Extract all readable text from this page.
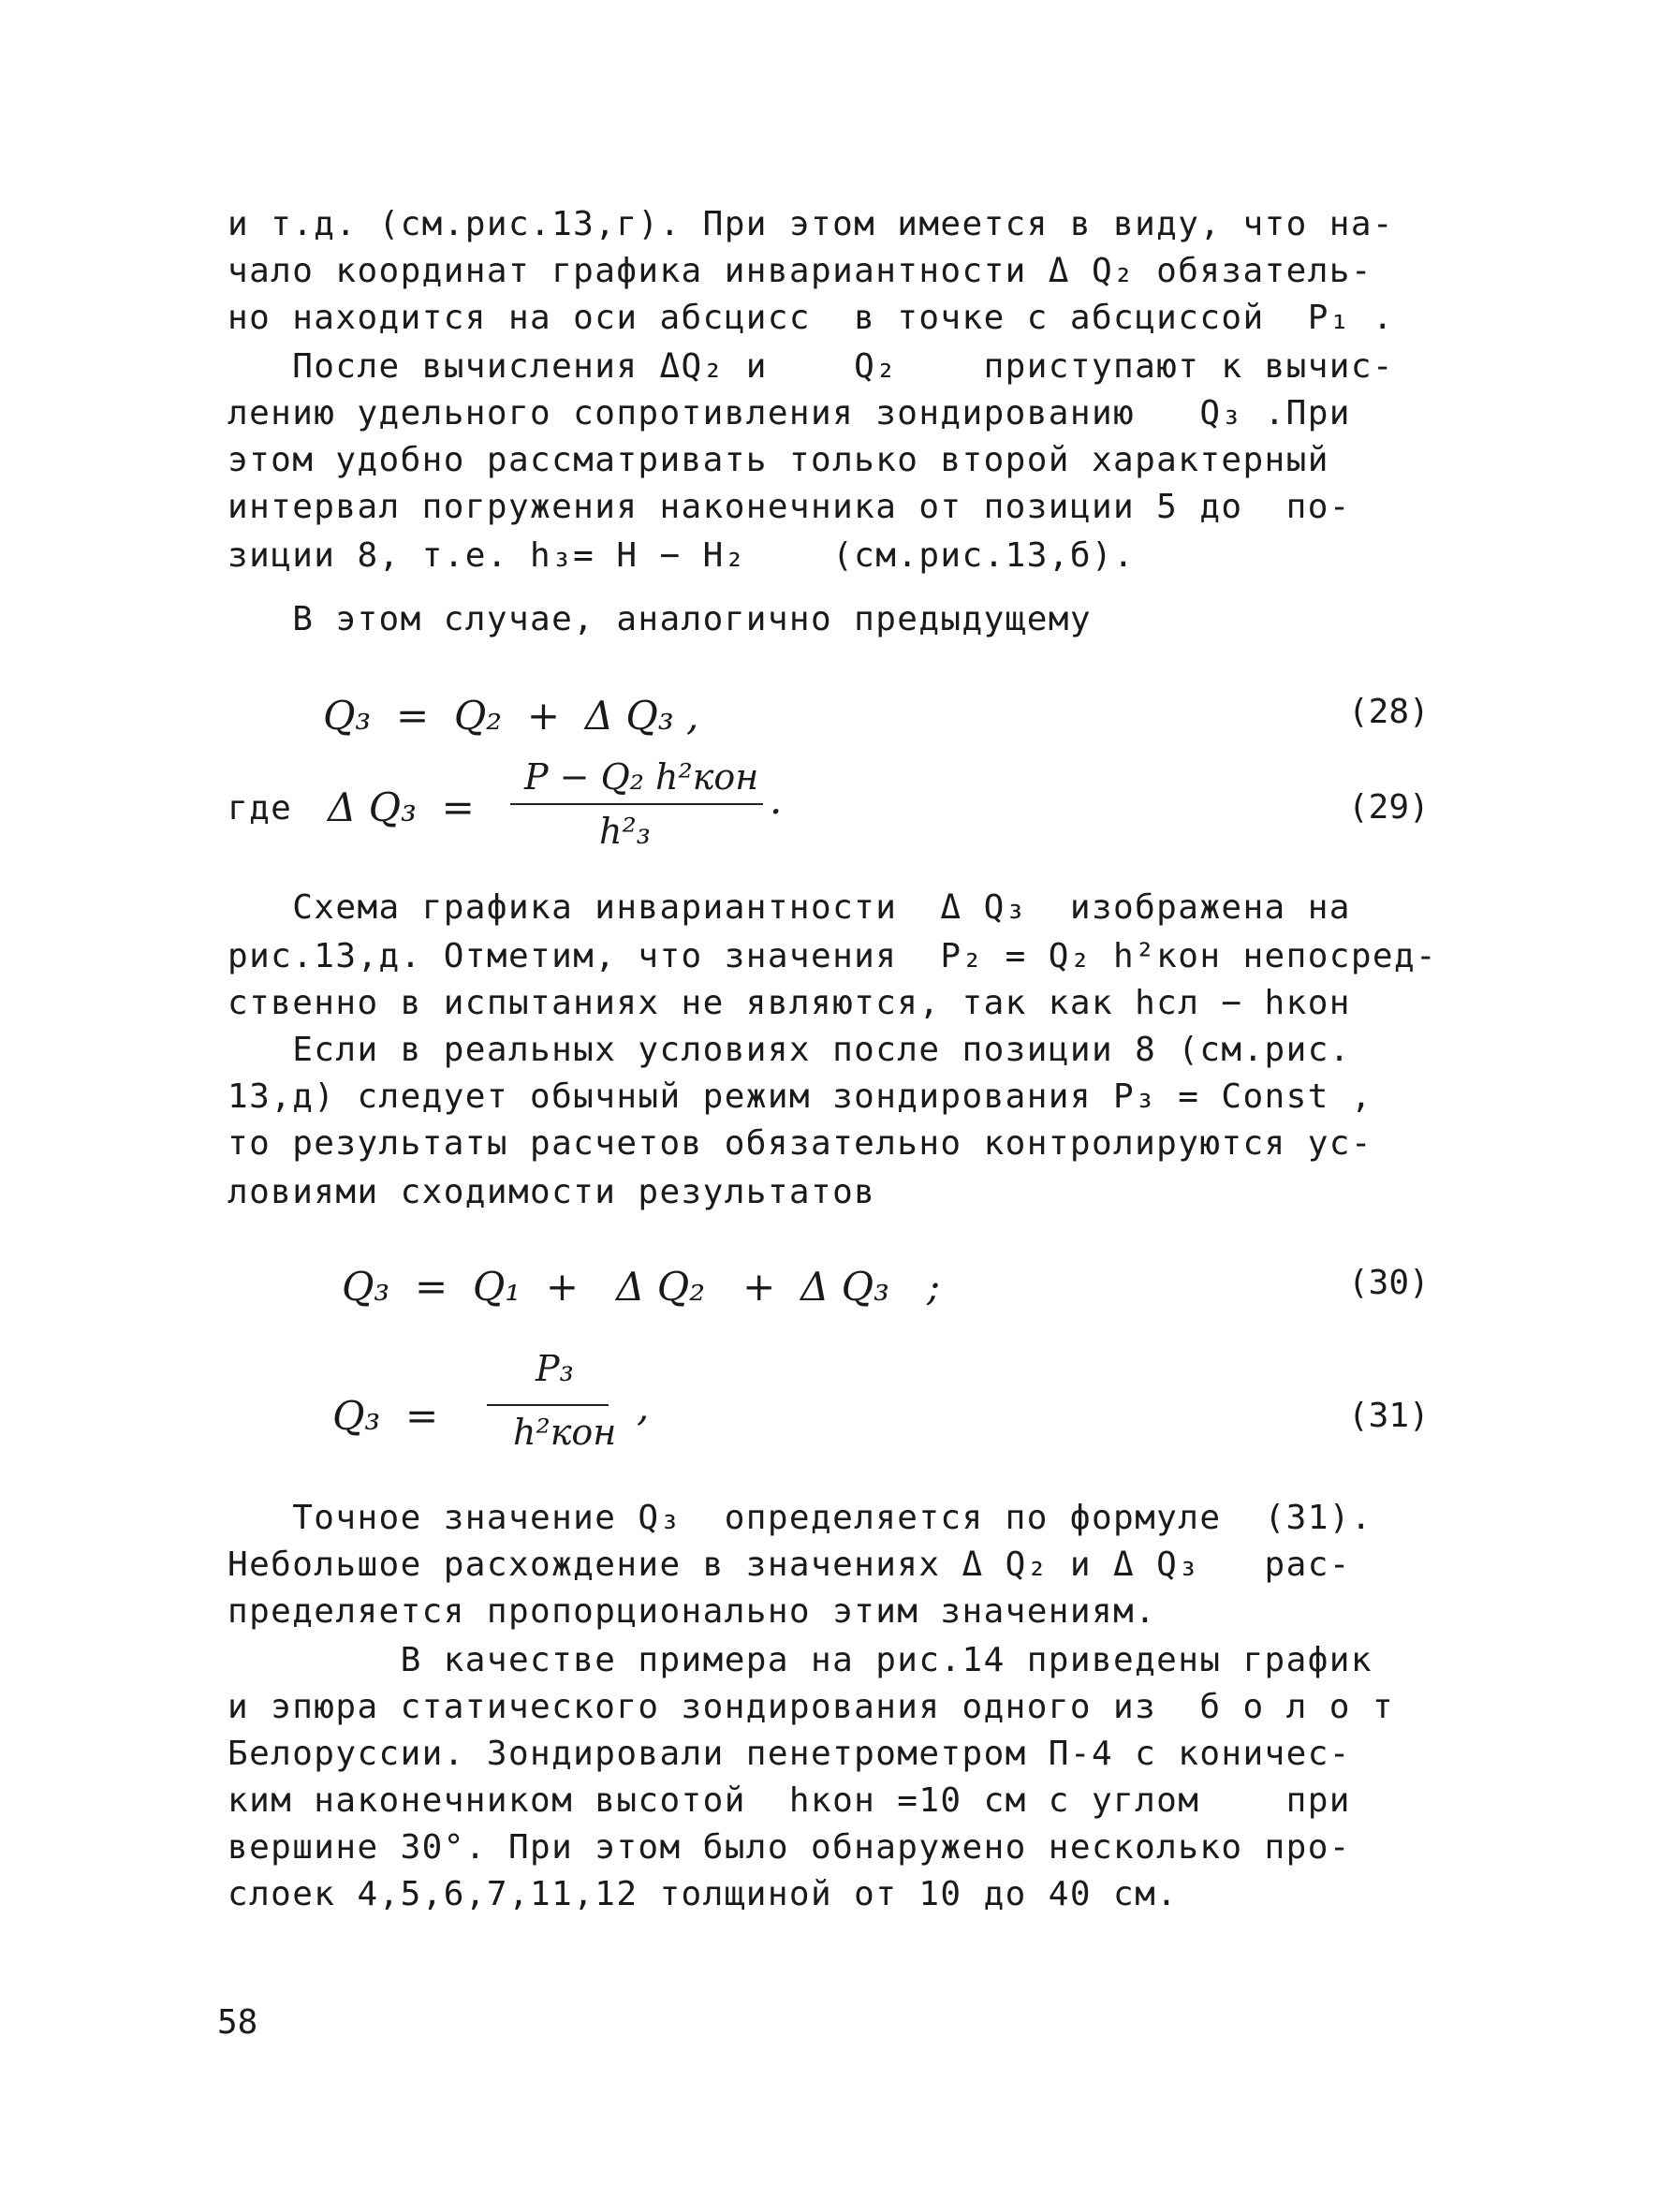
и т.д. (см.рис.13,г). При этом имеется в виду, что на-
чало координат графика инвариантности Δ Q₂ обязатель-
но находится на оси абсцисс  в точке с абсциссой  P₁ .
После вычисления ΔQ₂ и    Q₂    приступают к вычис-
лению удельного сопротивления зондированию   Q₃ .При
этом удобно рассматривать только второй характерный
интервал погружения наконечника от позиции 5 до  по-
зиции 8, т.е. h₃= H − H₂    (см.рис.13,б).
В этом случае, аналогично предыдущему
Q₃  =  Q₂  +  Δ Q₃ ,	(28)
где Δ Q₃  =
P − Q₂ h²кон
h²₃
.	(29)
Схема графика инвариантности  Δ Q₃  изображена на
рис.13,д. Отметим, что значения  P₂ = Q₂ h²кон непосред-
ственно в испытаниях не являются, так как hсл − hкон
Если в реальных условиях после позиции 8 (см.рис.
13,д) следует обычный режим зондирования P₃ = Const ,
то результаты расчетов обязательно контролируются ус-
ловиями сходимости результатов
Q₃  =  Q₁  +   Δ Q₂   +  Δ Q₃   ;	(30)
Q₃  =
P₃
h²кон
,	(31)
Точное значение Q₃  определяется по формуле  (31).
Небольшое расхождение в значениях Δ Q₂ и Δ Q₃   рас-
пределяется пропорционально этим значениям.
В качестве примера на рис.14 приведены график
и эпюра статического зондирования одного из  б о л о т
Белоруссии. Зондировали пенетрометром П-4 с коничес-
ким наконечником высотой  hкон =10 см с углом    при
вершине 30°. При этом было обнаружено несколько про-
слоек 4,5,6,7,11,12 толщиной от 10 до 40 см.
58
